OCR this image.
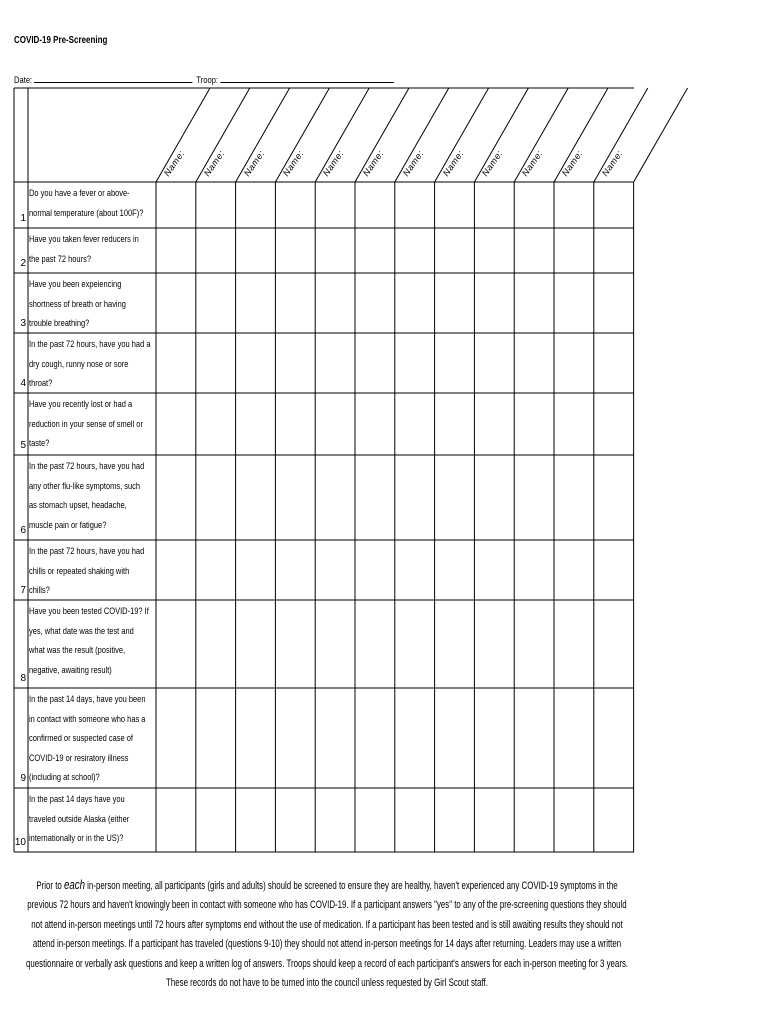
COVID-19 Pre-Screening
Date:	Troop:
Name: Name: Name: Name: Name: Name: Name: Name: Name: Name: Name: Name:
1
Do you have a fever or above-
normal temperature (about 100F)?
2
Have you taken fever reducers in
the past 72 hours?
3
Have you been expeiencing
shortness of breath or having
trouble breathing?
4
In the past 72 hours, have you had a
dry cough, runny nose or sore
throat?
5
Have you recently lost or had a
reduction in your sense of smell or
taste?
6
In the past 72 hours, have you had
any other flu-like symptoms, such
as stomach upset, headache,
muscle pain or fatigue?
7
In the past 72 hours, have you had
chills or repeated shaking with
chills?
8
Have you been tested COVID-19? If
yes, what date was the test and
what was the result (positive,
negative, awaiting result)
9
In the past 14 days, have you been
in contact with someone who has a
confirmed or suspected case of
COVID-19 or resiratory illness
(including at school)?
10
In the past 14 days have you
traveled outside Alaska (either
internationally or in the US)?
Prior to each in-person meeting, all participants (girls and adults) should be screened to ensure they are healthy, haven't experienced any COVID-19 symptoms in the
previous 72 hours and haven't knowingly been in contact with someone who has COVID-19. If a participant answers "yes" to any of the pre-screening questions they should
not attend in-person meetings until 72 hours after symptoms end without the use of medication. If a participant has been tested and is still awaiting results they should not
attend in-person meetings. If a participant has traveled (questions 9-10) they should not attend in-person meetings for 14 days after returning. Leaders may use a written
questionnaire or verbally ask questions and keep a written log of answers. Troops should keep a record of each participant's answers for each in-person meeting for 3 years.
These records do not have to be turned into the council unless requested by Girl Scout staff.
